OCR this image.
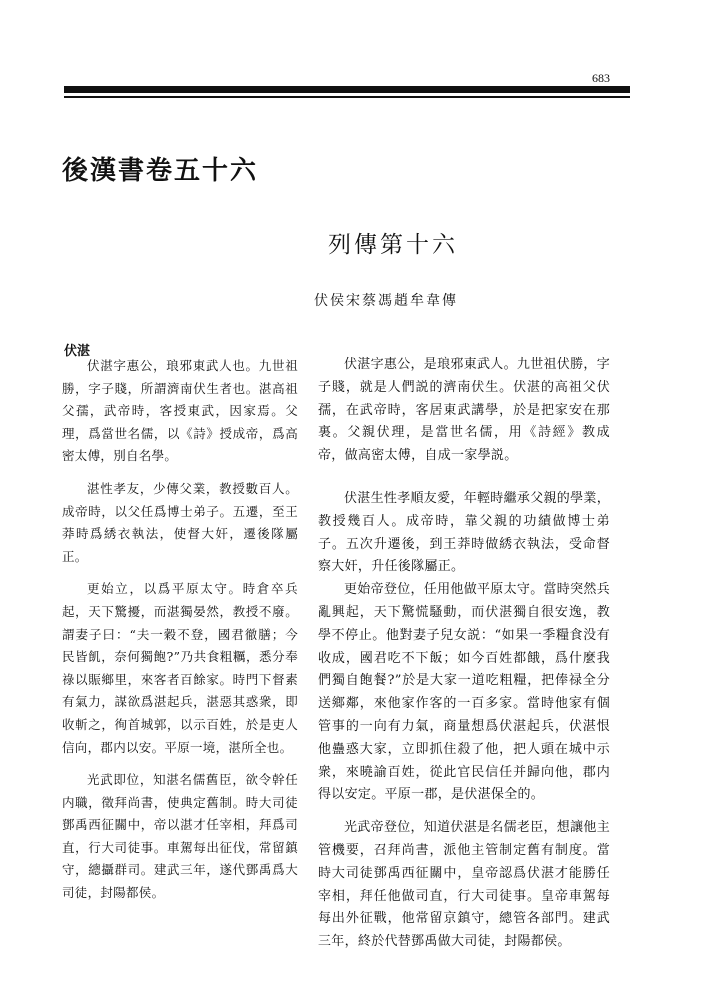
683
後漢書卷五十六
列傳第十六
伏侯宋蔡馮趙牟韋傳
伏湛

伏湛字惠公，琅邪東武人也。九世祖勝，字子賤，所謂濟南伏生者也。湛高祖父孺，武帝時，客授東武，因家焉。父理，爲當世名儒，以《詩》授成帝，爲高密太傅，別自名學。

湛性孝友，少傳父業，教授數百人。成帝時，以父任爲博士弟子。五遷，至王莽時爲綉衣執法，使督大奸，遷後隊屬正。

更始立，以爲平原太守。時倉卒兵起，天下驚擾，而湛獨晏然，教授不廢。謂妻子曰：“夫一穀不登，國君徹膳；今民皆飢，奈何獨飽?”乃共食粗糲，悉分奉祿以賑鄉里，來客者百餘家。時門下督素有氣力，謀欲爲湛起兵，湛惡其惑衆，即收斬之，徇首城郭，以示百姓，於是吏人信向，郡内以安。平原一境，湛所全也。

光武即位，知湛名儒舊臣，欲令幹任内職，徵拜尚書，使典定舊制。時大司徒鄧禹西征關中，帝以湛才任宰相，拜爲司直，行大司徒事。車駕每出征伐，常留鎮守，總攝群司。建武三年，遂代鄧禹爲大司徒，封陽都侯。

伏湛字惠公，是琅邪東武人。九世祖伏勝，字子賤，就是人們説的濟南伏生。伏湛的高祖父伏孺，在武帝時，客居東武講學，於是把家安在那裏。父親伏理，是當世名儒，用《詩經》教成帝，做高密太傅，自成一家學説。

伏湛生性孝順友愛，年輕時繼承父親的學業，教授幾百人。成帝時，靠父親的功績做博士弟子。五次升遷後，到王莽時做綉衣執法，受命督察大奸，升任後隊屬正。

更始帝登位，任用他做平原太守。當時突然兵亂興起，天下驚慌騷動，而伏湛獨自很安逸，教學不停止。他對妻子兒女説：“如果一季糧食没有收成，國君吃不下飯；如今百姓都餓，爲什麼我們獨自飽餐?”於是大家一道吃粗糧，把俸禄全分送鄉鄰，來他家作客的一百多家。當時他家有個管事的一向有力氣，商量想爲伏湛起兵，伏湛恨他蠱惑大家，立即抓住殺了他，把人頭在城中示衆，來曉諭百姓，從此官民信任并歸向他，郡内得以安定。平原一郡，是伏湛保全的。

光武帝登位，知道伏湛是名儒老臣，想讓他主管機要，召拜尚書，派他主管制定舊有制度。當時大司徒鄧禹西征關中，皇帝認爲伏湛才能勝任宰相，拜任他做司直，行大司徒事。皇帝車駕每每出外征戰，他常留京鎮守，總管各部門。建武三年，終於代替鄧禹做大司徒，封陽都侯。
